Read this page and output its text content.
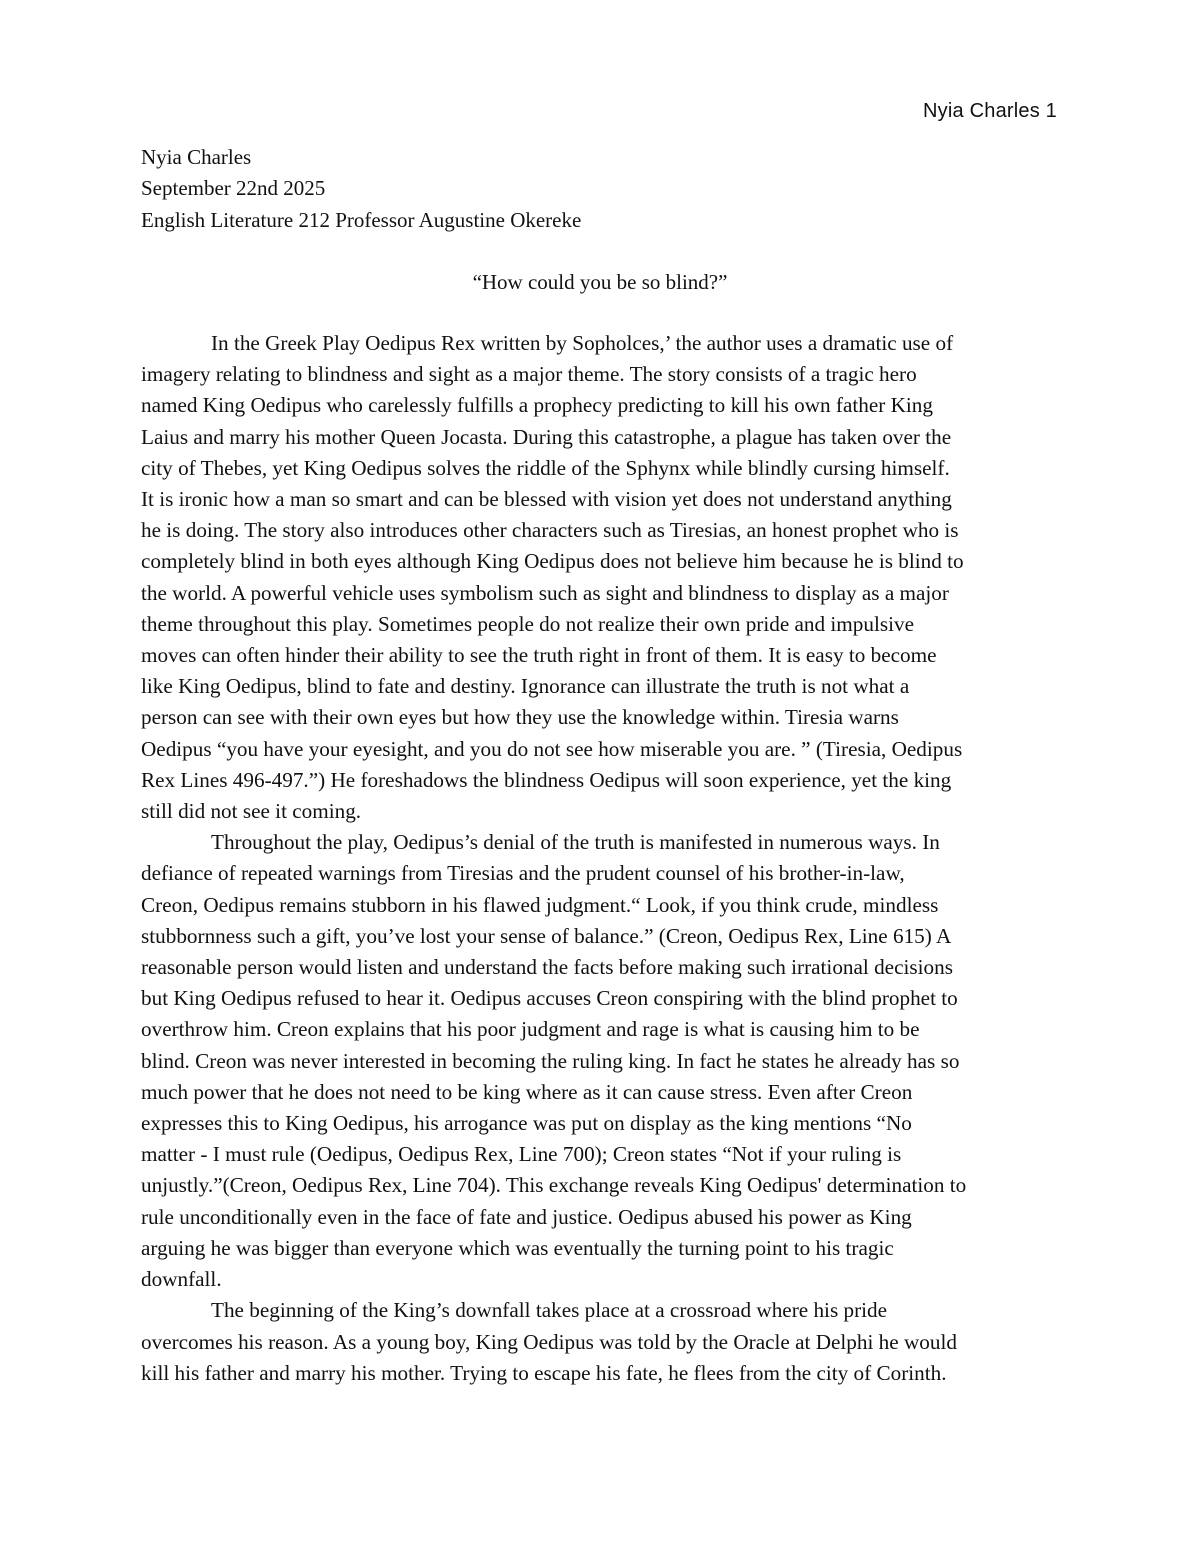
Nyia Charles 1
Nyia Charles
September 22nd 2025
English Literature 212 Professor Augustine Okereke
“How could you be so blind?”
In the Greek Play Oedipus Rex written by Sopholces,’ the author uses a dramatic use of
imagery relating to blindness and sight as a major theme. The story consists of a tragic hero
named King Oedipus who carelessly fulfills a prophecy predicting to kill his own father King
Laius and marry his mother Queen Jocasta. During this catastrophe, a plague has taken over the
city of Thebes, yet King Oedipus solves the riddle of the Sphynx while blindly cursing himself.
It is ironic how a man so smart and can be blessed with vision yet does not understand anything
he is doing. The story also introduces other characters such as Tiresias, an honest prophet who is
completely blind in both eyes although King Oedipus does not believe him because he is blind to
the world. A powerful vehicle uses symbolism such as sight and blindness to display as a major
theme throughout this play. Sometimes people do not realize their own pride and impulsive
moves can often hinder their ability to see the truth right in front of them. It is easy to become
like King Oedipus, blind to fate and destiny. Ignorance can illustrate the truth is not what a
person can see with their own eyes but how they use the knowledge within. Tiresia warns
Oedipus “you have your eyesight, and you do not see how miserable you are. ” (Tiresia, Oedipus
Rex Lines 496-497.”) He foreshadows the blindness Oedipus will soon experience, yet the king
still did not see it coming.
Throughout the play, Oedipus’s denial of the truth is manifested in numerous ways. In
defiance of repeated warnings from Tiresias and the prudent counsel of his brother-in-law,
Creon, Oedipus remains stubborn in his flawed judgment.“ Look, if you think crude, mindless
stubbornness such a gift, you’ve lost your sense of balance.” (Creon, Oedipus Rex, Line 615) A
reasonable person would listen and understand the facts before making such irrational decisions
but King Oedipus refused to hear it. Oedipus accuses Creon conspiring with the blind prophet to
overthrow him. Creon explains that his poor judgment and rage is what is causing him to be
blind. Creon was never interested in becoming the ruling king. In fact he states he already has so
much power that he does not need to be king where as it can cause stress. Even after Creon
expresses this to King Oedipus, his arrogance was put on display as the king mentions “No
matter - I must rule (Oedipus, Oedipus Rex, Line 700); Creon states “Not if your ruling is
unjustly.”(Creon, Oedipus Rex, Line 704). This exchange reveals King Oedipus' determination to
rule unconditionally even in the face of fate and justice. Oedipus abused his power as King
arguing he was bigger than everyone which was eventually the turning point to his tragic
downfall.
The beginning of the King’s downfall takes place at a crossroad where his pride
overcomes his reason. As a young boy, King Oedipus was told by the Oracle at Delphi he would
kill his father and marry his mother. Trying to escape his fate, he flees from the city of Corinth.
